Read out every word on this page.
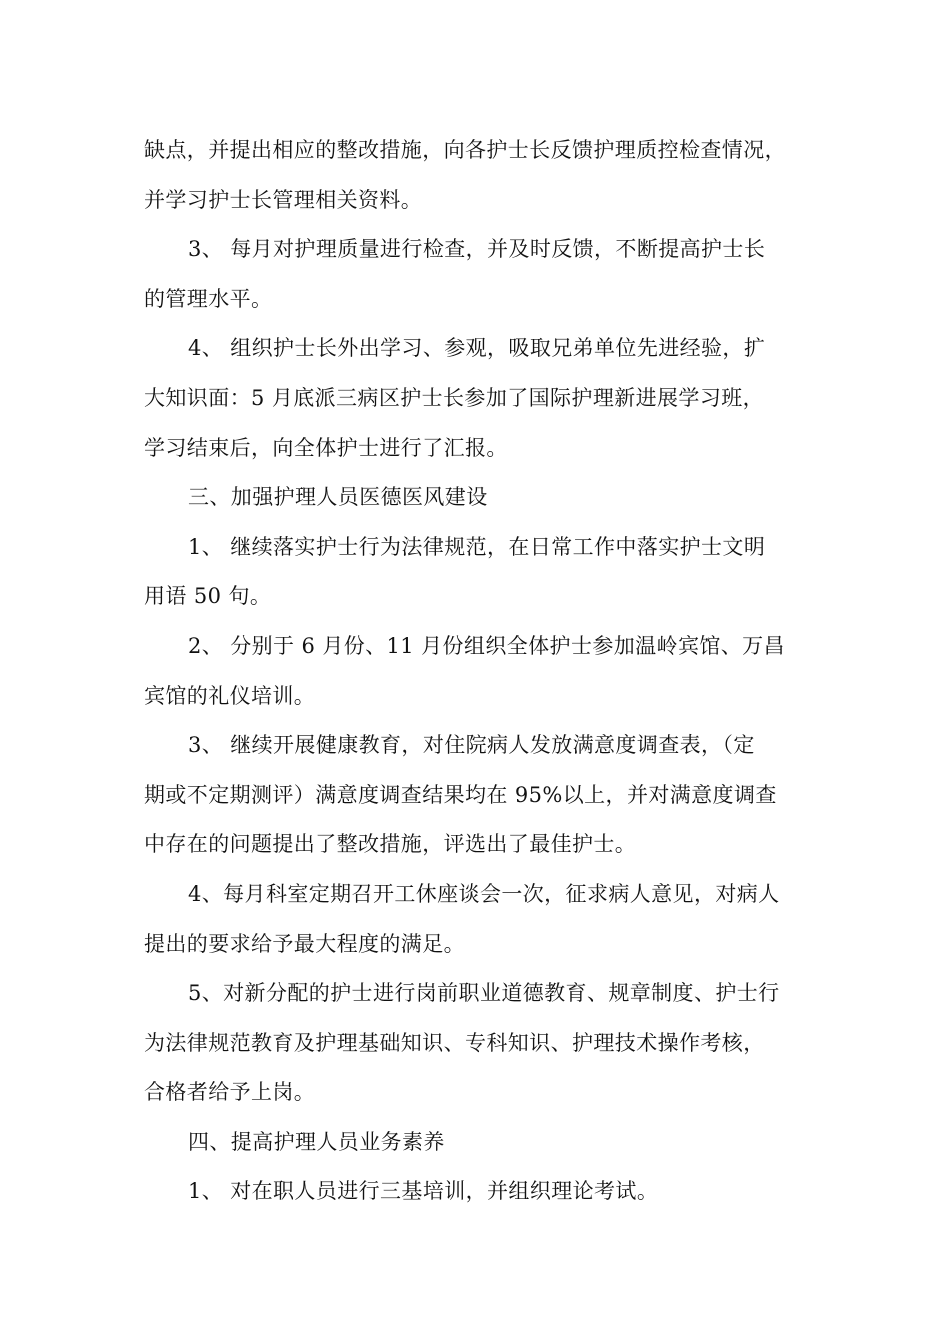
缺点，并提出相应的整改措施，向各护士长反馈护理质控检查情况，
并学习护士长管理相关资料。

3、 每月对护理质量进行检查，并及时反馈，不断提高护士长
的管理水平。

4、 组织护士长外出学习、参观，吸取兄弟单位先进经验，扩
大知识面：5 月底派三病区护士长参加了国际护理新进展学习班，
学习结束后，向全体护士进行了汇报。

三、加强护理人员医德医风建设

1、 继续落实护士行为法律规范，在日常工作中落实护士文明
用语 50 句。

2、 分别于 6 月份、11 月份组织全体护士参加温岭宾馆、万昌
宾馆的礼仪培训。

3、 继续开展健康教育，对住院病人发放满意度调查表，（定
期或不定期测评）满意度调查结果均在 95%以上，并对满意度调查
中存在的问题提出了整改措施，评选出了最佳护士。

4、每月科室定期召开工休座谈会一次，征求病人意见，对病人
提出的要求给予最大程度的满足。

5、对新分配的护士进行岗前职业道德教育、规章制度、护士行
为法律规范教育及护理基础知识、专科知识、护理技术操作考核，
合格者给予上岗。

四、提高护理人员业务素养

1、 对在职人员进行三基培训，并组织理论考试。
